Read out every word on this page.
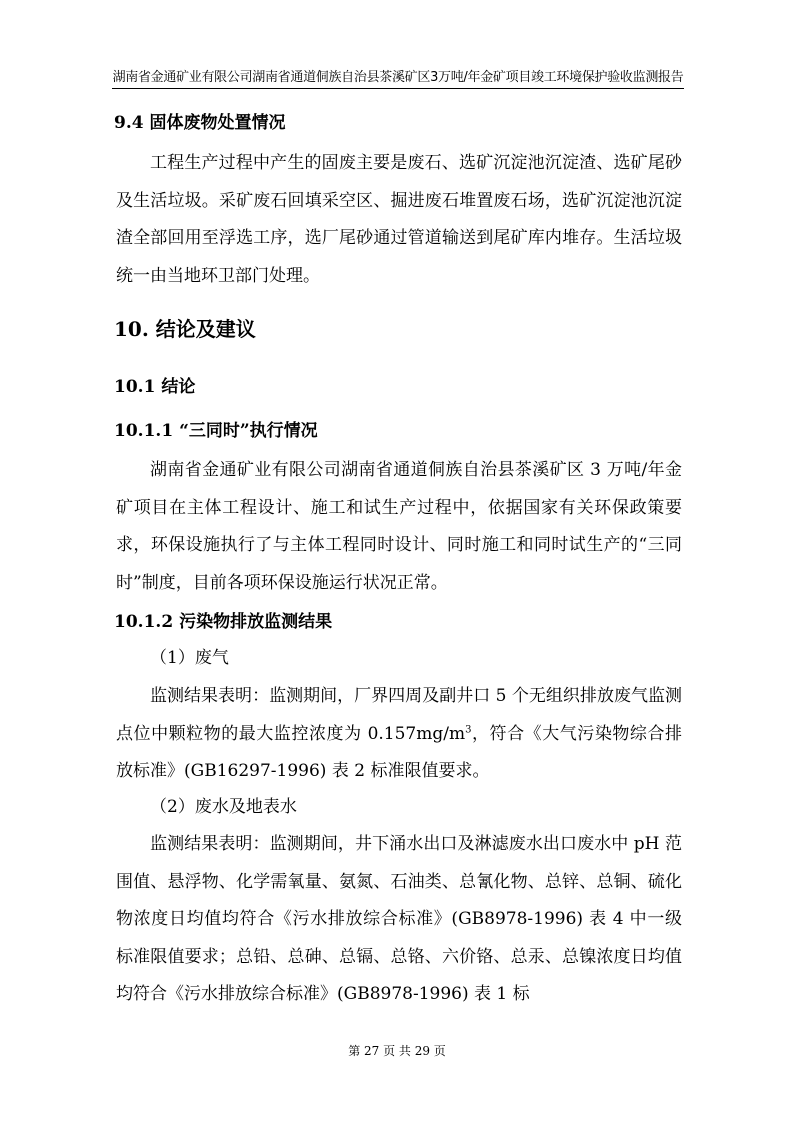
湖南省金通矿业有限公司湖南省通道侗族自治县茶溪矿区3万吨/年金矿项目竣工环境保护验收监测报告
9.4 固体废物处置情况
工程生产过程中产生的固废主要是废石、选矿沉淀池沉淀渣、选矿尾砂及生活垃圾。采矿废石回填采空区、掘进废石堆置废石场，选矿沉淀池沉淀渣全部回用至浮选工序，选厂尾砂通过管道输送到尾矿库内堆存。生活垃圾统一由当地环卫部门处理。
10. 结论及建议
10.1 结论
10.1.1 “三同时”执行情况
湖南省金通矿业有限公司湖南省通道侗族自治县茶溪矿区 3 万吨/年金矿项目在主体工程设计、施工和试生产过程中，依据国家有关环保政策要求，环保设施执行了与主体工程同时设计、同时施工和同时试生产的“三同时”制度，目前各项环保设施运行状况正常。
10.1.2 污染物排放监测结果
（1）废气
监测结果表明：监测期间，厂界四周及副井口 5 个无组织排放废气监测点位中颗粒物的最大监控浓度为 $0.157mg/m^3$，符合《大气污染物综合排放标准》(GB16297-1996) 表 2 标准限值要求。
（2）废水及地表水
监测结果表明：监测期间，井下涌水出口及淋滤废水出口废水中 pH 范围值、悬浮物、化学需氧量、氨氮、石油类、总氰化物、总锌、总铜、硫化物浓度日均值均符合《污水排放综合标准》(GB8978-1996) 表 4 中一级标准限值要求；总铅、总砷、总镉、总铬、六价铬、总汞、总镍浓度日均值均符合《污水排放综合标准》(GB8978-1996) 表 1 标
第 27 页 共 29 页
